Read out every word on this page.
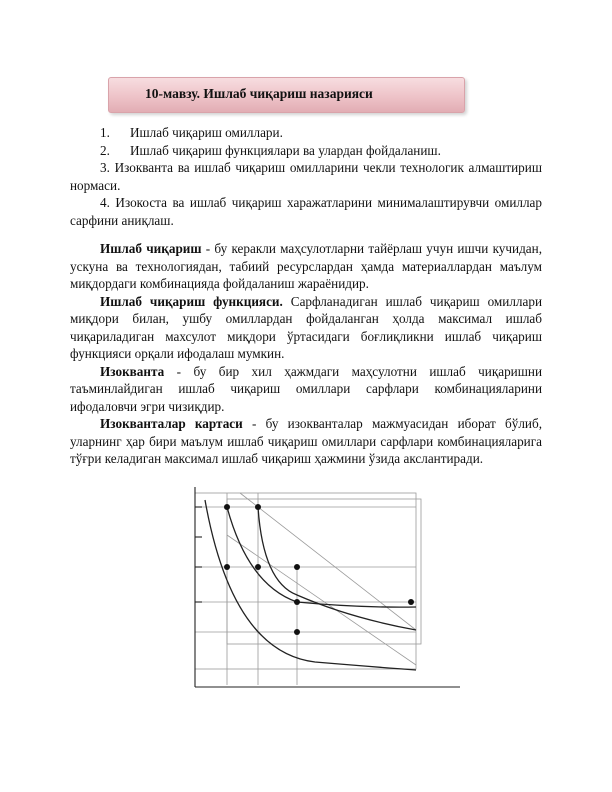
10-мавзу. Ишлаб чиқариш назарияси
1. Ишлаб чиқариш омиллари.
2. Ишлаб чиқариш функциялари ва улардан фойдаланиш.
3. Изокванта ва ишлаб чиқариш омилларини чекли технологик алмаштириш нормаси.
4. Изокоста ва ишлаб чиқариш харажатларини минималаштирувчи омиллар сарфини аниқлаш.

Ишлаб чиқариш - бу керакли маҳсулотларни тайёрлаш учун ишчи кучидан, ускуна ва технологиядан, табиий ресурслардан ҳамда материаллардан маълум миқдордаги комбинацияда фойдаланиш жараёнидир.

Ишлаб чиқариш функцияси. Сарфланадиган ишлаб чиқариш омиллари миқдори билан, ушбу омиллардан фойдаланган ҳолда максимал ишлаб чиқариладиган махсулот миқдори ўртасидаги боғлиқликни ишлаб чиқариш функцияси орқали ифодалаш мумкин.

Изокванта - бу бир хил ҳажмдаги маҳсулотни ишлаб чиқаришни таъминлайдиган ишлаб чиқариш омиллари сарфлари комбинацияларини ифодаловчи эгри чизиқдир.

Изокванталар картаси - бу изокванталар мажмуасидан иборат бўлиб, уларнинг ҳар бири маълум ишлаб чиқариш омиллари сарфлари комбинацияларига тўғри келадиган максимал ишлаб чиқариш ҳажмини ўзида акслантиради.
